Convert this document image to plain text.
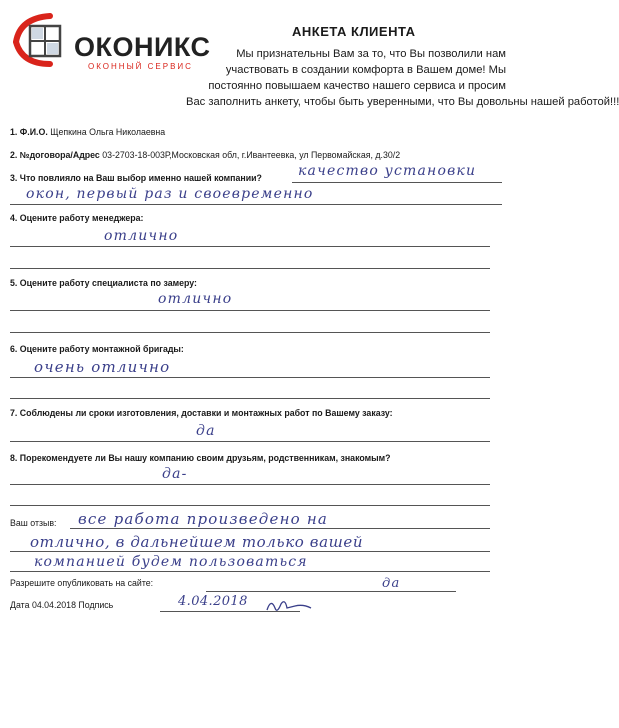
ОКОНИКС
ОКОННЫЙ СЕРВИС
АНКЕТА КЛИЕНТА
Мы признательны Вам за то, что Вы позволили нам
участвовать в создании комфорта в Вашем доме! Мы
постоянно повышаем качество нашего сервиса и просим
Вас заполнить анкету, чтобы быть уверенными, что Вы довольны нашей работой!!!
1. Ф.И.О. Щепкина Ольга Николаевна
2. №договора/Адрес 03-2703-18-003Р,Московская обл, г.Ивантеевка, ул Первомайская, д.30/2
3. Что повлияло на Ваш выбор именно нашей компании?	качество установки
окон, первый раз и своевременно
4. Оцените работу менеджера:
отлично
5. Оцените работу специалиста по замеру:
отлично
6. Оцените работу монтажной бригады:
очень отлично
7. Соблюдены ли сроки изготовления, доставки и монтажных работ по Вашему заказу:
да
8. Порекомендуете ли Вы нашу компанию своим друзьям, родственникам, знакомым?
да-
Ваш отзыв: все работа произведено на
отлично, в дальнейшем только вашей
компанией будем пользоваться
Разрешите опубликовать на сайте:	да
Дата 04.04.2018 Подпись	4.04.2018
